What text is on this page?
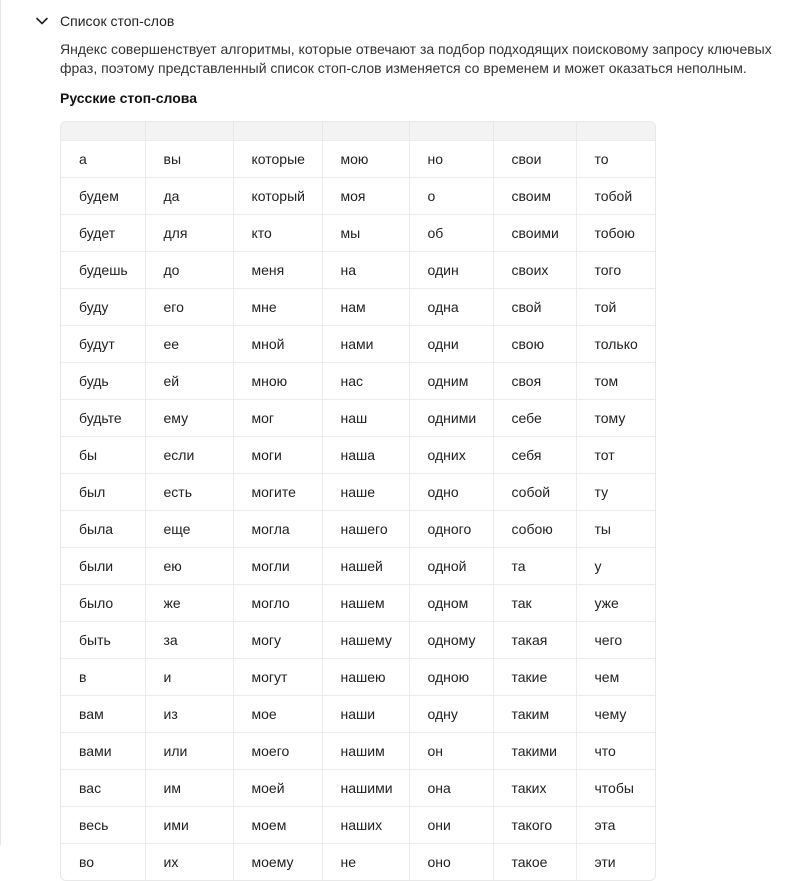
Список стоп-слов

Яндекс совершенствует алгоритмы, которые отвечают за подбор подходящих поисковому запросу ключевых фраз, поэтому представленный список стоп-слов изменяется со временем и может оказаться неполным.

Русские стоп-слова

а	вы	которые	мою	но	свои	то
будем	да	который	моя	о	своим	тобой
будет	для	кто	мы	об	своими	тобою
будешь	до	меня	на	один	своих	того
буду	его	мне	нам	одна	свой	той
будут	ее	мной	нами	одни	свою	только
будь	ей	мною	нас	одним	своя	том
будьте	ему	мог	наш	одними	себе	тому
бы	если	моги	наша	одних	себя	тот
был	есть	могите	наше	одно	собой	ту
была	еще	могла	нашего	одного	собою	ты
были	ею	могли	нашей	одной	та	у
было	же	могло	нашем	одном	так	уже
быть	за	могу	нашему	одному	такая	чего
в	и	могут	нашею	одною	такие	чем
вам	из	мое	наши	одну	таким	чему
вами	или	моего	нашим	он	такими	что
вас	им	моей	нашими	она	таких	чтобы
весь	ими	моем	наших	они	такого	эта
во	их	моему	не	оно	такое	эти
